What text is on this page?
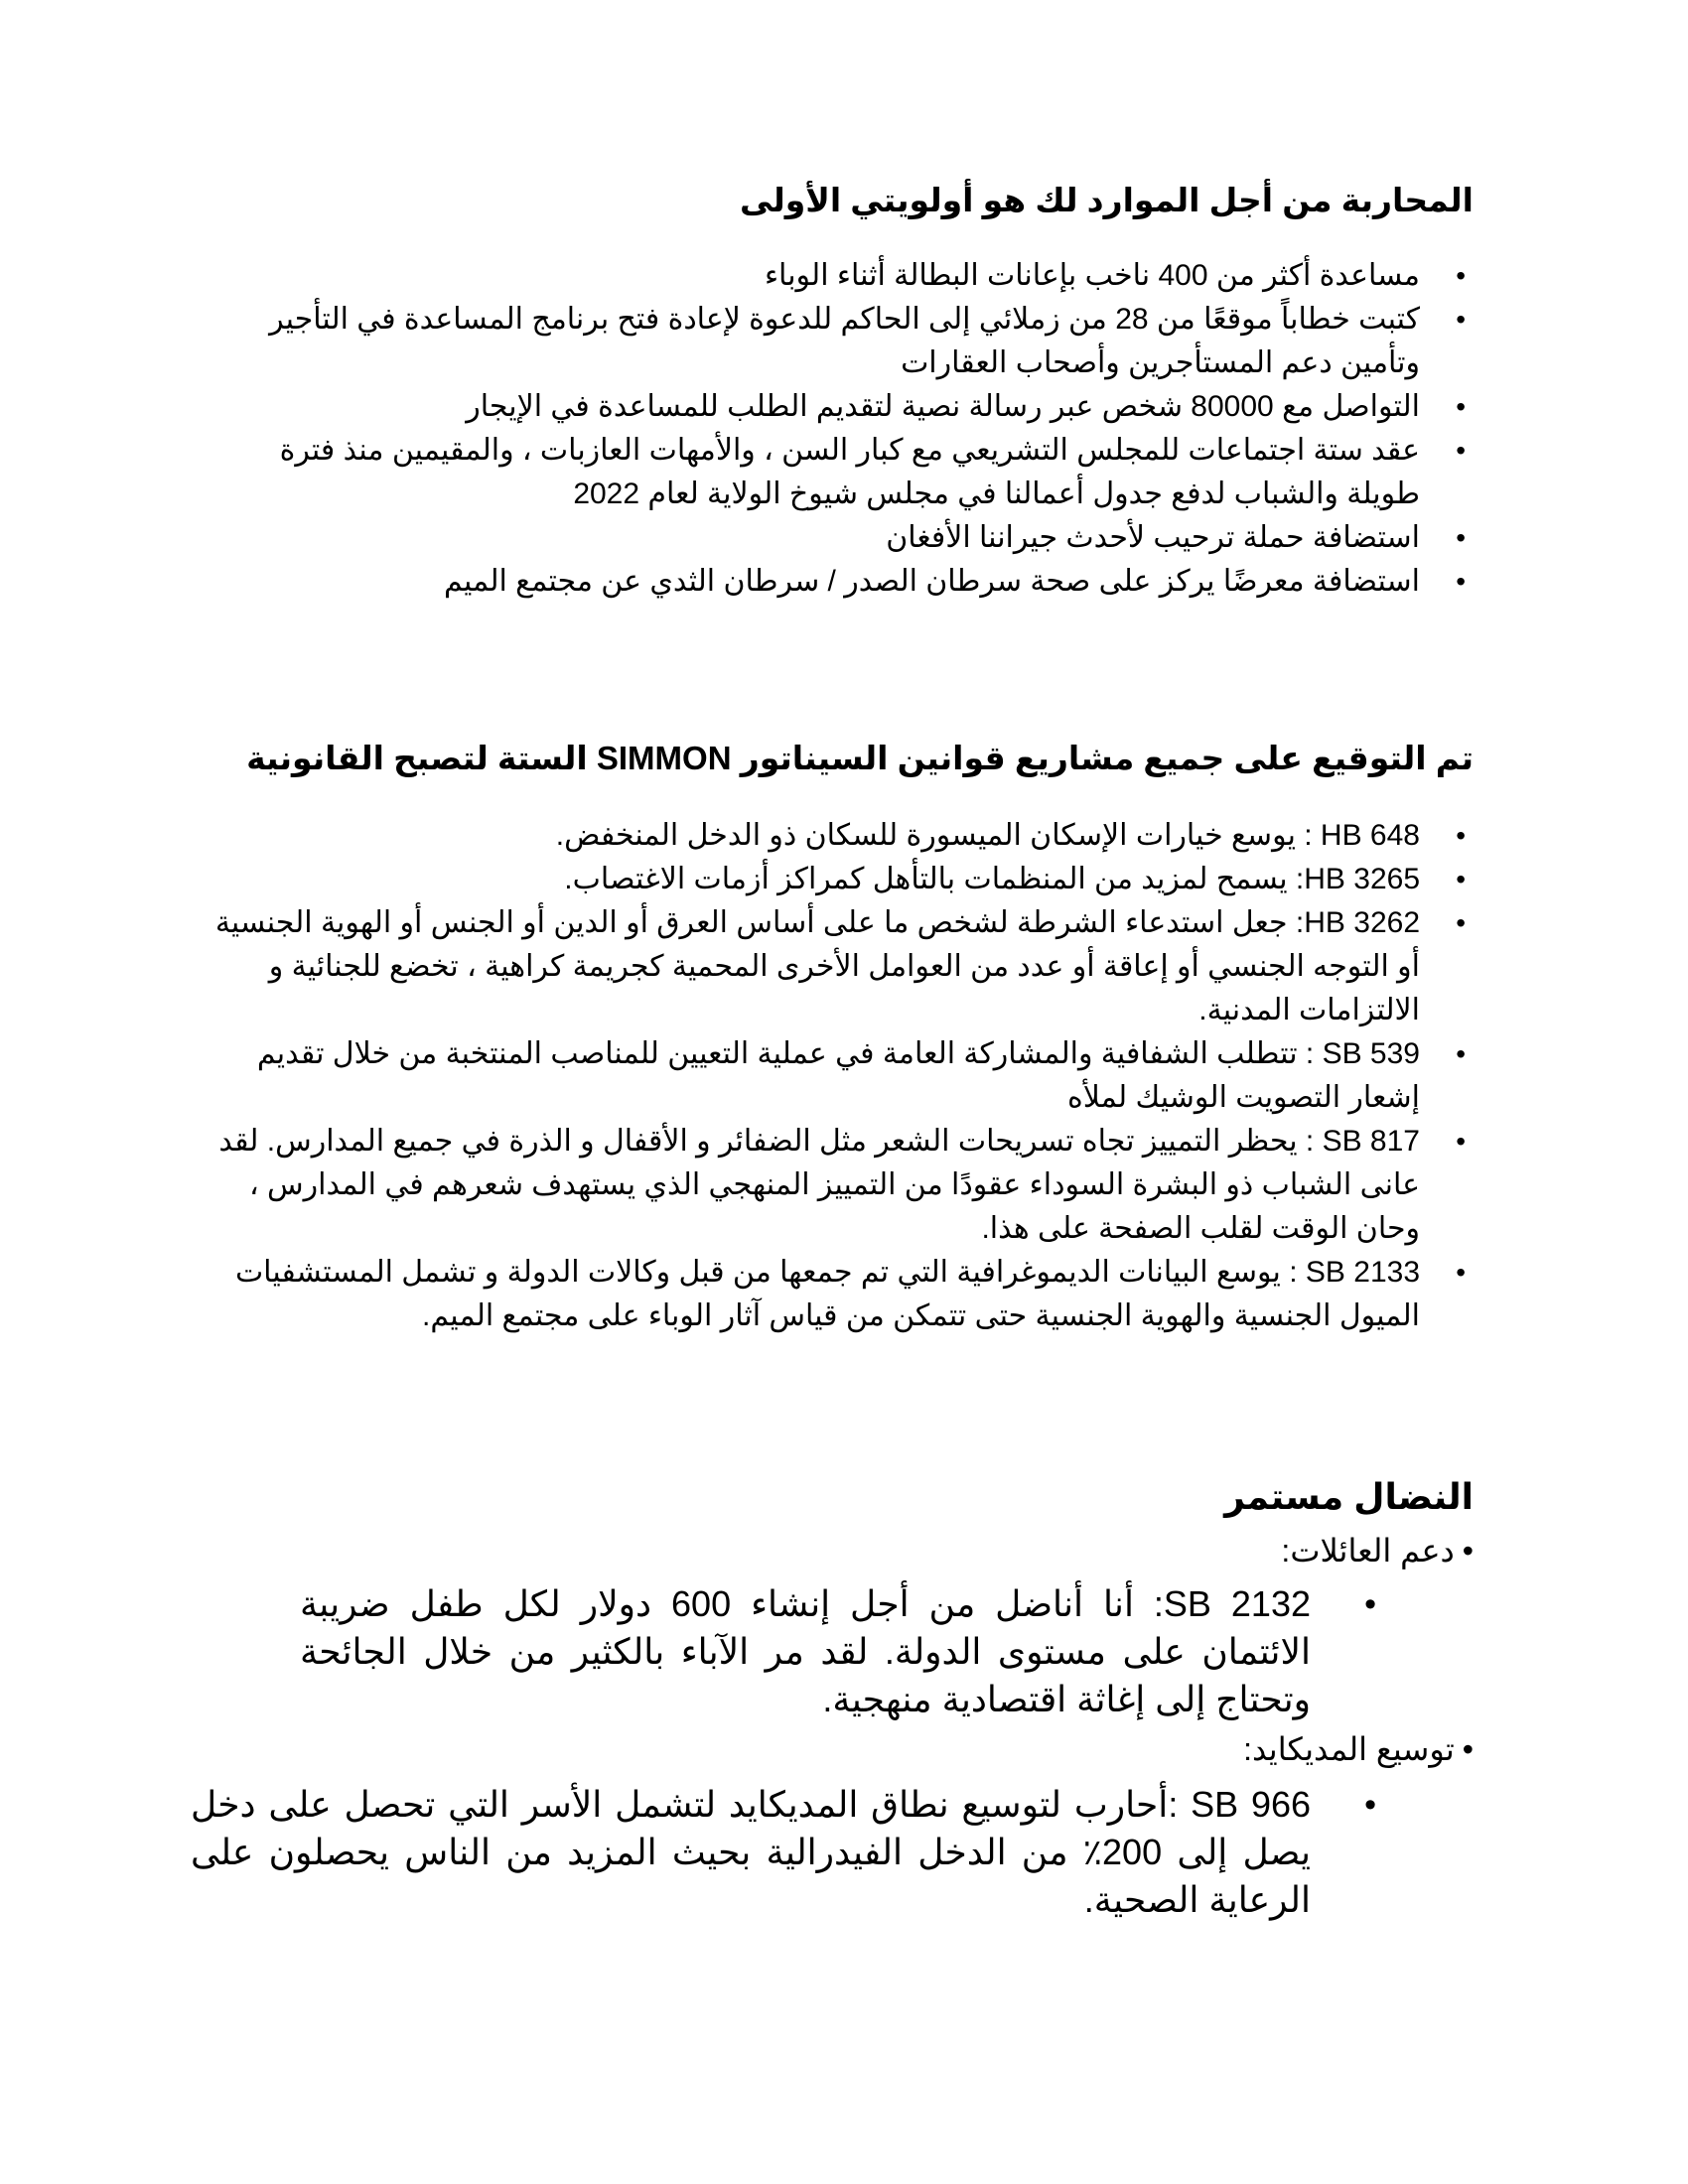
المحاربة من أجل الموارد لك هو أولويتي الأولى
• مساعدة أكثر من 400 ناخب بإعانات البطالة أثناء الوباء
• كتبت خطاباً موقعًا من 28 من زملائي إلى الحاكم للدعوة لإعادة فتح برنامج المساعدة في التأجير وتأمين دعم المستأجرين وأصحاب العقارات
• التواصل مع 80000 شخص عبر رسالة نصية لتقديم الطلب للمساعدة في الإيجار
• عقد ستة اجتماعات للمجلس التشريعي مع كبار السن ، والأمهات العازبات ، والمقيمين منذ فترة طويلة والشباب لدفع جدول أعمالنا في مجلس شيوخ الولاية لعام 2022
• استضافة حملة ترحيب لأحدث جيراننا الأفغان
• استضافة معرضًا يركز على صحة سرطان الصدر / سرطان الثدي عن مجتمع الميم
تم التوقيع على جميع مشاريع قوانين السيناتور SIMMON الستة لتصبح القانونية
• HB 648 : يوسع خيارات الإسكان الميسورة للسكان ذو الدخل المنخفض.
• HB 3265: يسمح لمزيد من المنظمات بالتأهل كمراكز أزمات الاغتصاب.
• HB 3262: جعل استدعاء الشرطة لشخص ما على أساس العرق أو الدين أو الجنس أو الهوية الجنسية أو التوجه الجنسي أو إعاقة أو عدد من العوامل الأخرى المحمية كجريمة كراهية ، تخضع للجنائية و الالتزامات المدنية.
• SB 539 : تتطلب الشفافية والمشاركة العامة في عملية التعيين للمناصب المنتخبة من خلال تقديم إشعار التصويت الوشيك لملأه
• SB 817 : يحظر التمييز تجاه تسريحات الشعر مثل الضفائر و الأقفال و الذرة في جميع المدارس. لقد عانى الشباب ذو البشرة السوداء عقودًا من التمييز المنهجي الذي يستهدف شعرهم في المدارس ، وحان الوقت لقلب الصفحة على هذا.
• SB 2133 : يوسع البيانات الديموغرافية التي تم جمعها من قبل وكالات الدولة و تشمل المستشفيات الميول الجنسية والهوية الجنسية حتى تتمكن من قياس آثار الوباء على مجتمع الميم.
النضال مستمر

•دعم العائلات:

• SB 2132: أنا أناضل من أجل إنشاء 600 دولار لكل طفل ضريبة الائتمان على مستوى الدولة. لقد مر الآباء بالكثير من خلال الجائحة وتحتاج إلى إغاثة اقتصادية منهجية.

•توسيع المديكايد:

• SB 966 :أحارب لتوسيع نطاق المديكايد لتشمل الأسر التي تحصل على دخل يصل إلى 200٪ من الدخل الفيدرالية بحيث المزيد من الناس يحصلون على الرعاية الصحية.
